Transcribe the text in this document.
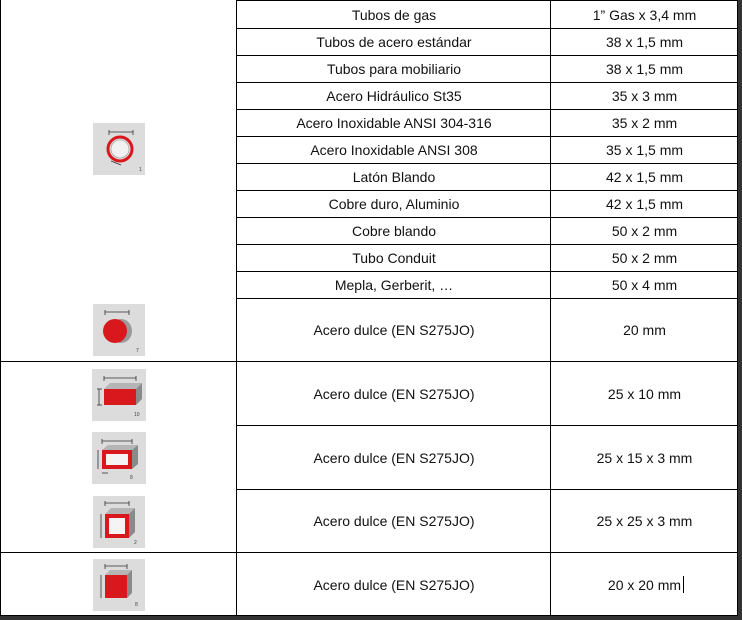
Tubos de gas	1” Gas x 3,4 mm
Tubos de acero estándar	38 x 1,5 mm
Tubos para mobiliario	38 x 1,5 mm
Acero Hidráulico St35	35 x 3 mm
Acero Inoxidable ANSI 304-316	35 x 2 mm
Acero Inoxidable ANSI 308	35 x 1,5 mm
Latón Blando	42 x 1,5 mm
Cobre duro, Aluminio	42 x 1,5 mm
Cobre blando	50 x 2 mm
Tubo Conduit	50 x 2 mm
Mepla, Gerberit, …	50 x 4 mm
Acero dulce (EN S275JO)	20 mm
Acero dulce (EN S275JO)	25 x 10 mm
Acero dulce (EN S275JO)	25 x 15 x 3 mm
Acero dulce (EN S275JO)	25 x 25 x 3 mm
Acero dulce (EN S275JO)	20 x 20 mm
1
7
10
8
2
8
